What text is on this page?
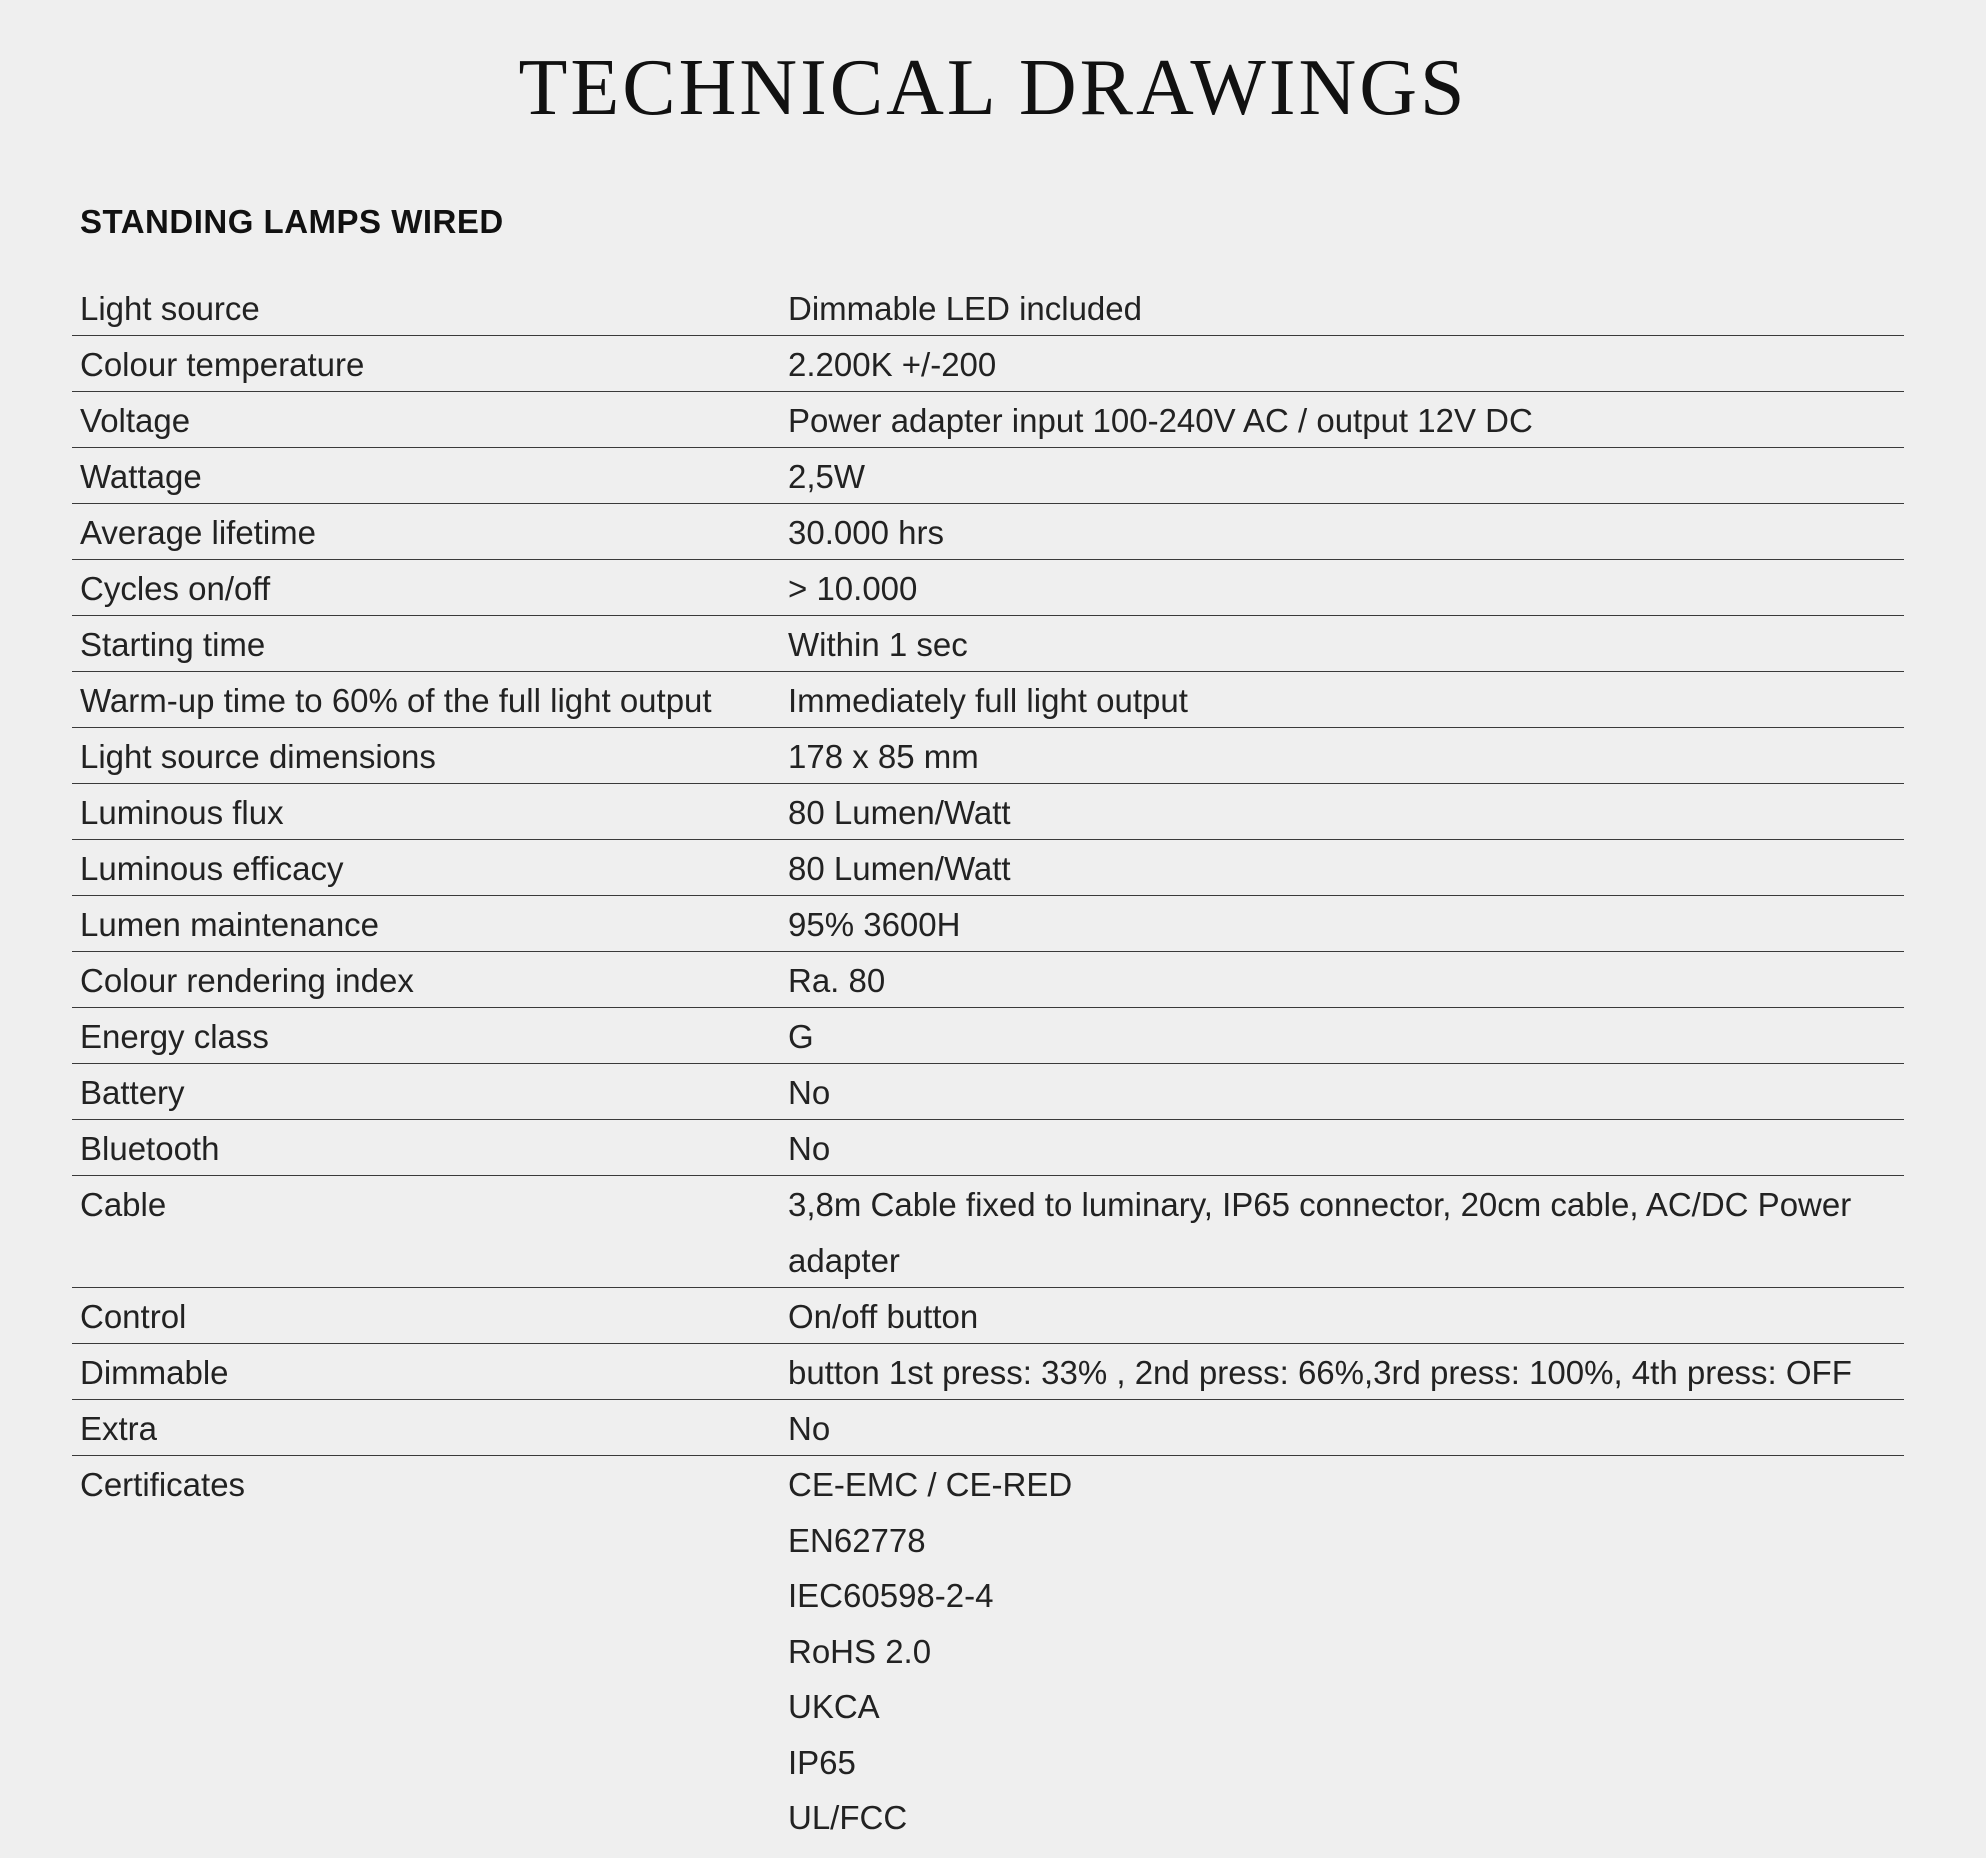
TECHNICAL DRAWINGS
STANDING LAMPS WIRED
Light source	Dimmable LED included
Colour temperature	2.200K +/-200
Voltage	Power adapter input 100-240V AC / output 12V DC
Wattage	2,5W
Average lifetime	30.000 hrs
Cycles on/off	> 10.000
Starting time	Within 1 sec
Warm-up time to 60% of the full light output	Immediately full light output
Light source dimensions	178 x 85 mm
Luminous flux	80 Lumen/Watt
Luminous efficacy	80 Lumen/Watt
Lumen maintenance	95% 3600H
Colour rendering index	Ra. 80
Energy class	G
Battery	No
Bluetooth	No
Cable	3,8m Cable fixed to luminary, IP65 connector, 20cm cable, AC/DC Power adapter
Control	On/off button
Dimmable	button 1st press: 33% , 2nd press: 66%,3rd press: 100%, 4th press: OFF
Extra	No
Certificates	CE-EMC / CE-RED
EN62778
IEC60598-2-4
RoHS 2.0
UKCA
IP65
UL/FCC
